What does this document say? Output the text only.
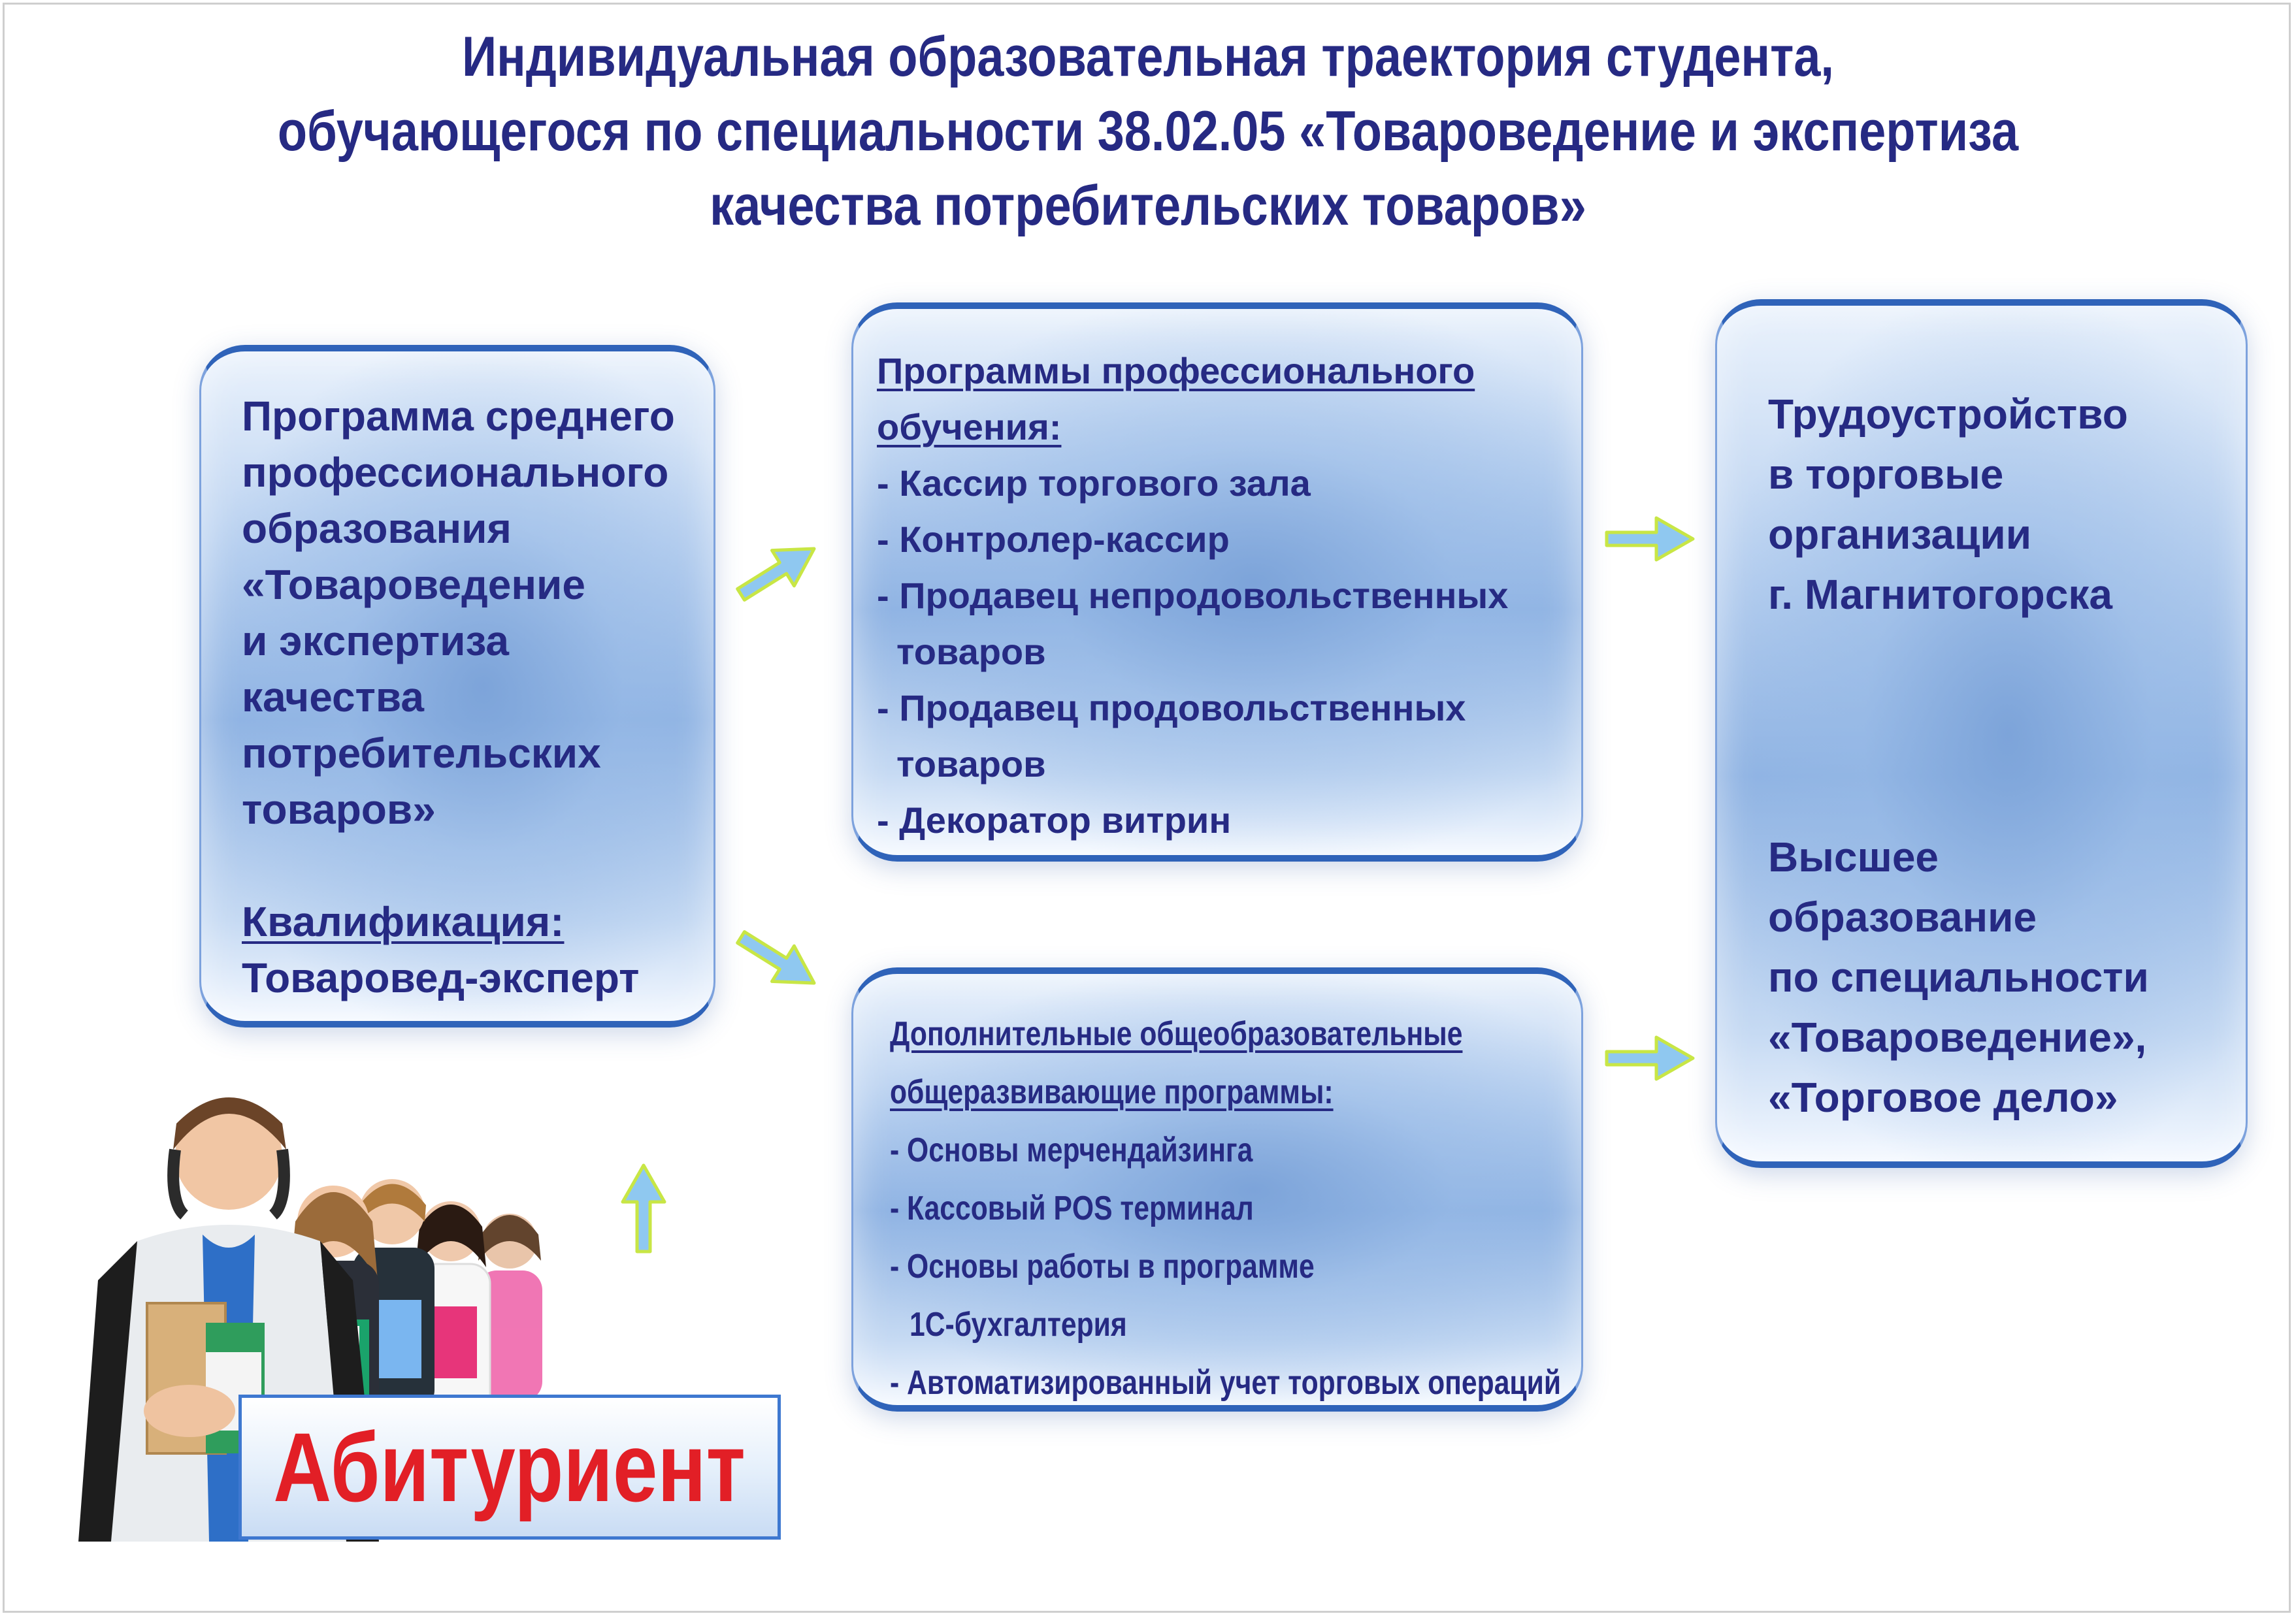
Индивидуальная образовательная траектория студента,
обучающегося по специальности 38.02.05 «Товароведение и экспертиза
качества потребительских товаров»
Программа среднего
профессионального
образования
«Товароведение
и экспертиза качества
потребительских
товаров»
Квалификация:
Товаровед-эксперт
Программы профессионального
обучения:
- Кассир торгового зала
- Контролер-кассир
- Продавец непродовольственных
товаров
- Продавец продовольственных
товаров
- Декоратор витрин
Дополнительные общеобразовательные
общеразвивающие программы:
- Основы мерчендайзинга
- Кассовый POS терминал
- Основы работы в программе
1С-бухгалтерия
- Автоматизированный учет торговых операций
Трудоустройство
в торговые
организации
г. Магнитогорска
Высшее
образование
по специальности
«Товароведение»,
«Торговое дело»
Абитуриент
